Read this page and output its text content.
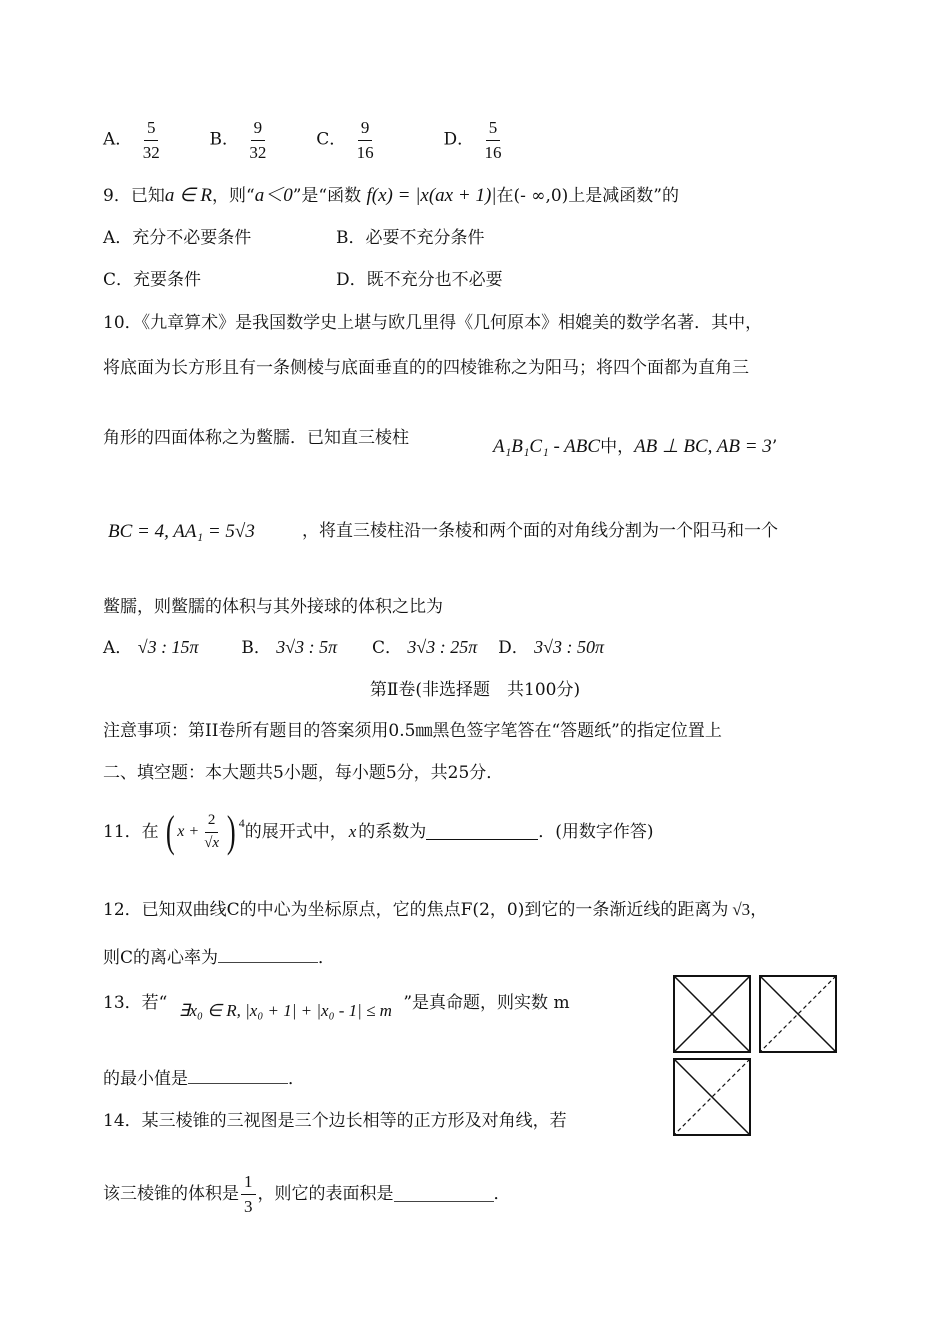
A． $\frac{5}{32}$	B． $\frac{9}{32}$	C． $\frac{9}{16}$	D． $\frac{5}{16}$
9．已知a ∈ R，则“a＜0”是“函数 f(x) = |x(ax + 1)|在(- ∞,0)上是减函数”的
A．充分不必要条件	B．必要不充分条件
C．充要条件	D．既不充分也不必要
10．《九章算术》是我国数学史上堪与欧几里得《几何原本》相媲美的数学名著．其中，
将底面为长方形且有一条侧棱与底面垂直的的四棱锥称之为阳马；将四个面都为直角三
角形的四面体称之为鳖臑．已知直三棱柱	A₁B₁C₁ - ABC中，AB ⊥ BC, AB = 3’
BC = 4, AA₁ = 5√3	，将直三棱柱沿一条棱和两个面的对角线分割为一个阳马和一个
鳖臑，则鳖臑的体积与其外接球的体积之比为
A． √3 : 15π	B． 3√3 : 5π C． 3√3 : 25π D． 3√3 : 50π
第Ⅱ卷(非选择题　共100分)
注意事项：第II卷所有题目的答案须用0.5㎜黑色签字笔答在“答题纸”的指定位置上
二、填空题：本大题共5小题，每小题5分，共25分．
11．在 ( $x + \frac{2}{√x} )^4$ 的展开式中， x 的系数为	．(用数字作答)
12．已知双曲线C的中心为坐标原点，它的焦点F(2，0)到它的一条渐近线的距离为 √3，
则C的离心率为	．
13．若“ ∃x₀ ∈ R, |x₀ + 1| + |x₀ - 1| ≤ m ”是真命题，则实数 m
的最小值是	．
14．某三棱锥的三视图是三个边长相等的正方形及对角线，若
该三棱锥的体积是 $\frac{1}{3}$ ，则它的表面积是	．
